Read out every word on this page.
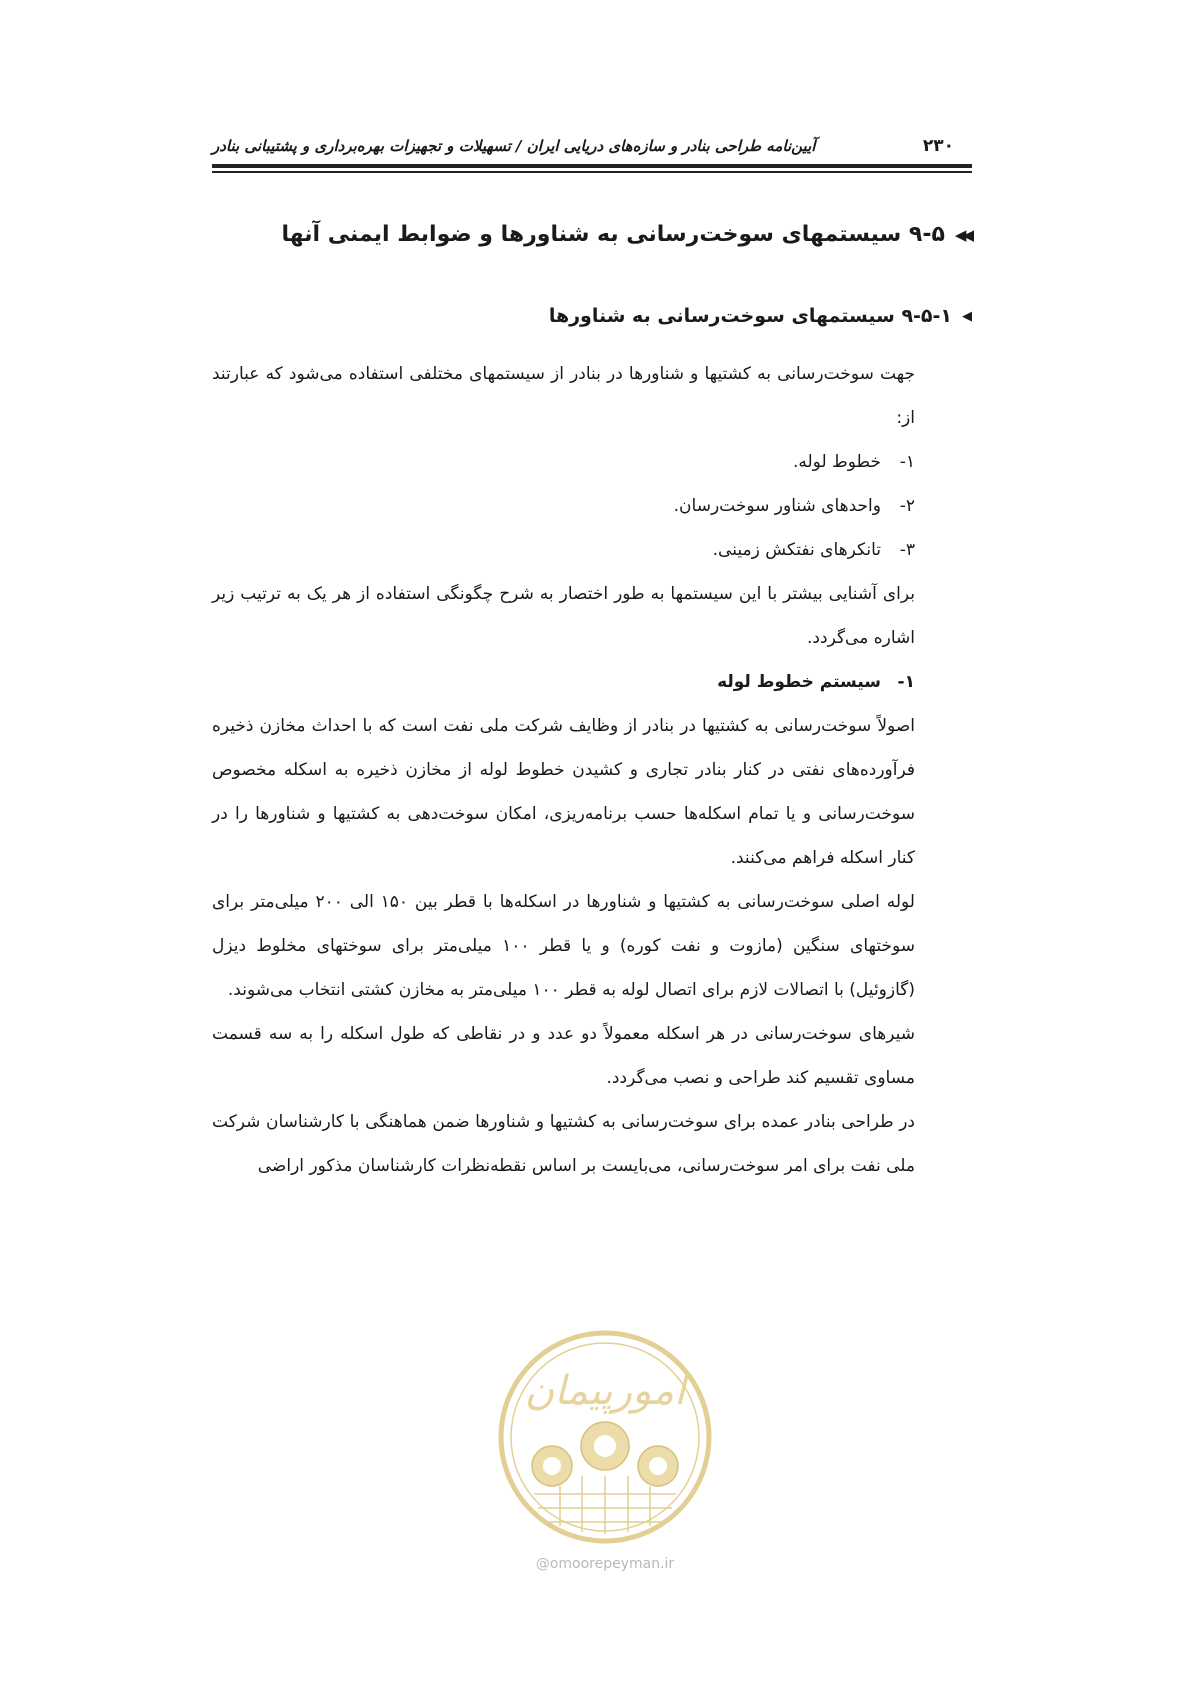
۲۳۰
آیین‌نامه طراحی بنادر و سازه‌های دریایی ایران / تسهیلات و تجهیزات بهره‌برداری و پشتیبانی بنادر
◀◀
۹-۵ سیستمهای سوخت‌رسانی به شناورها و ضوابط ایمنی آنها
◀
۹-۵-۱ سیستمهای سوخت‌رسانی به شناورها

جهت سوخت‌رسانی به کشتیها و شناورها در بنادر از سیستمهای مختلفی استفاده می‌شود که عبارتند از:

۱-
خطوط لوله.
۲-
واحدهای شناور سوخت‌رسان.
۳-
تانکرهای نفتکش زمینی.

برای آشنایی بیشتر با این سیستمها به طور اختصار به شرح چگونگی استفاده از هر یک به ترتیب زیر اشاره می‌گردد.

۱-
سیستم خطوط لوله

اصولاً سوخت‌رسانی به کشتیها در بنادر از وظایف شرکت ملی نفت است که با احداث مخازن ذخیره فرآورده‌های نفتی در کنار بنادر تجاری و کشیدن خطوط لوله از مخازن ذخیره به اسکله مخصوص سوخت‌رسانی و یا تمام اسکله‌ها حسب برنامه‌ریزی، امکان سوخت‌دهی به کشتیها و شناورها را در کنار اسکله فراهم می‌کنند.

لوله اصلی سوخت‌رسانی به کشتیها و شناورها در اسکله‌ها با قطر بین ۱۵۰ الی ۲۰۰ میلی‌متر برای سوختهای سنگین (مازوت و نفت کوره) و یا قطر ۱۰۰ میلی‌متر برای سوختهای مخلوط دیزل (گازوئیل) با اتصالات لازم برای اتصال لوله به قطر ۱۰۰ میلی‌متر به مخازن کشتی انتخاب می‌شوند.

شیرهای سوخت‌رسانی در هر اسکله معمولاً دو عدد و در نقاطی که طول اسکله را به سه قسمت مساوی تقسیم کند طراحی و نصب می‌گردد.

در طراحی بنادر عمده برای سوخت‌رسانی به کشتیها و شناورها ضمن هماهنگی با کارشناسان شرکت ملی نفت برای امر سوخت‌رسانی، می‌بایست بر اساس نقطه‌نظرات کارشناسان مذکور اراضی

امورپیمان
@omoorepeyman.ir
